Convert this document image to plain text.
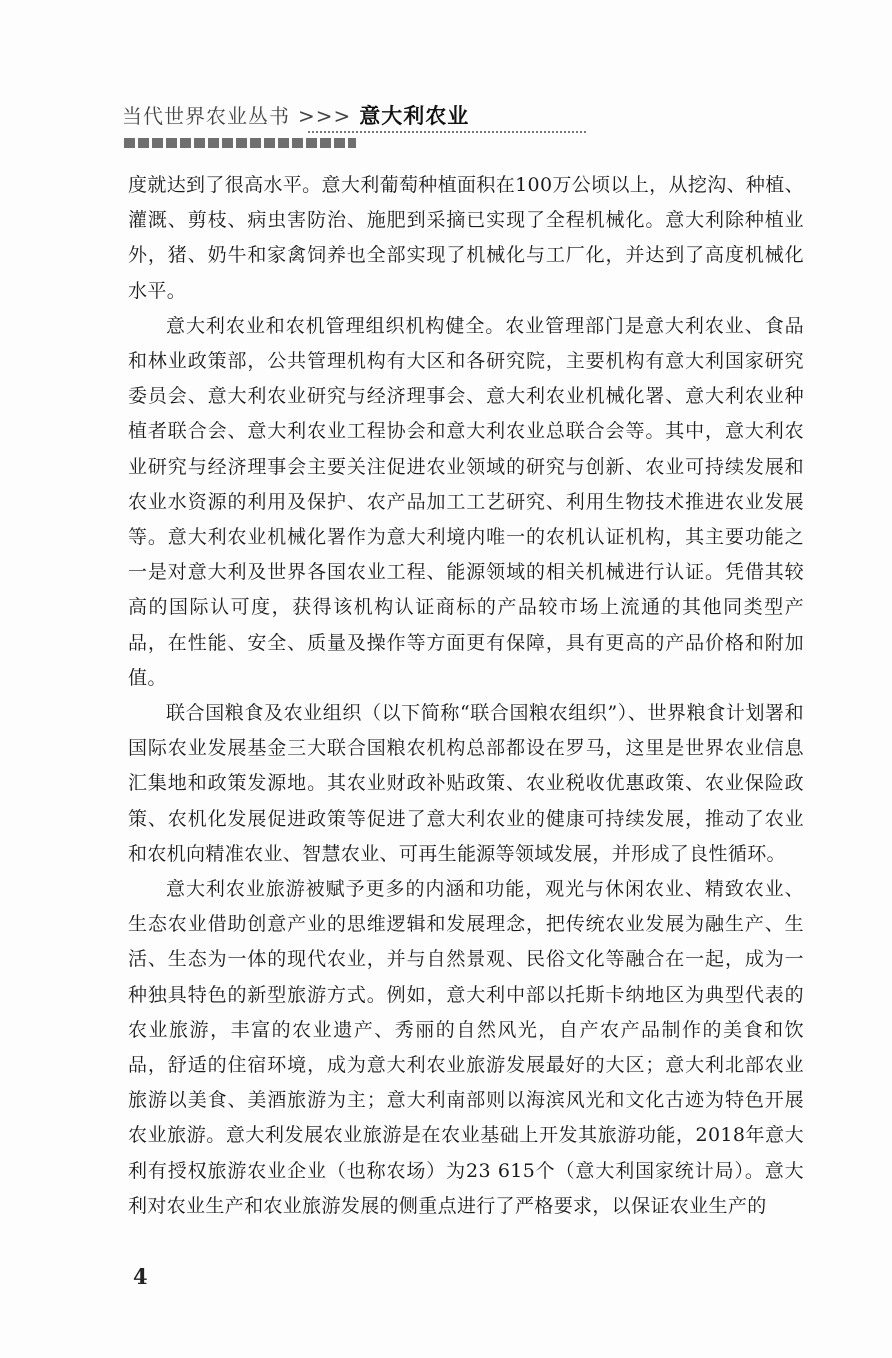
当代世界农业丛书 >>> 意大利农业

度就达到了很高水平。意大利葡萄种植面积在100万公顷以上，从挖沟、种植、灌溉、剪枝、病虫害防治、施肥到采摘已实现了全程机械化。意大利除种植业外，猪、奶牛和家禽饲养也全部实现了机械化与工厂化，并达到了高度机械化水平。

意大利农业和农机管理组织机构健全。农业管理部门是意大利农业、食品和林业政策部，公共管理机构有大区和各研究院，主要机构有意大利国家研究委员会、意大利农业研究与经济理事会、意大利农业机械化署、意大利农业种植者联合会、意大利农业工程协会和意大利农业总联合会等。其中，意大利农业研究与经济理事会主要关注促进农业领域的研究与创新、农业可持续发展和农业水资源的利用及保护、农产品加工工艺研究、利用生物技术推进农业发展等。意大利农业机械化署作为意大利境内唯一的农机认证机构，其主要功能之一是对意大利及世界各国农业工程、能源领域的相关机械进行认证。凭借其较高的国际认可度，获得该机构认证商标的产品较市场上流通的其他同类型产品，在性能、安全、质量及操作等方面更有保障，具有更高的产品价格和附加值。

联合国粮食及农业组织（以下简称“联合国粮农组织”）、世界粮食计划署和国际农业发展基金三大联合国粮农机构总部都设在罗马，这里是世界农业信息汇集地和政策发源地。其农业财政补贴政策、农业税收优惠政策、农业保险政策、农机化发展促进政策等促进了意大利农业的健康可持续发展，推动了农业和农机向精准农业、智慧农业、可再生能源等领域发展，并形成了良性循环。

意大利农业旅游被赋予更多的内涵和功能，观光与休闲农业、精致农业、生态农业借助创意产业的思维逻辑和发展理念，把传统农业发展为融生产、生活、生态为一体的现代农业，并与自然景观、民俗文化等融合在一起，成为一种独具特色的新型旅游方式。例如，意大利中部以托斯卡纳地区为典型代表的农业旅游，丰富的农业遗产、秀丽的自然风光，自产农产品制作的美食和饮品，舒适的住宿环境，成为意大利农业旅游发展最好的大区；意大利北部农业旅游以美食、美酒旅游为主；意大利南部则以海滨风光和文化古迹为特色开展农业旅游。意大利发展农业旅游是在农业基础上开发其旅游功能，2018年意大利有授权旅游农业企业（也称农场）为23 615个（意大利国家统计局）。意大利对农业生产和农业旅游发展的侧重点进行了严格要求，以保证农业生产的

4
